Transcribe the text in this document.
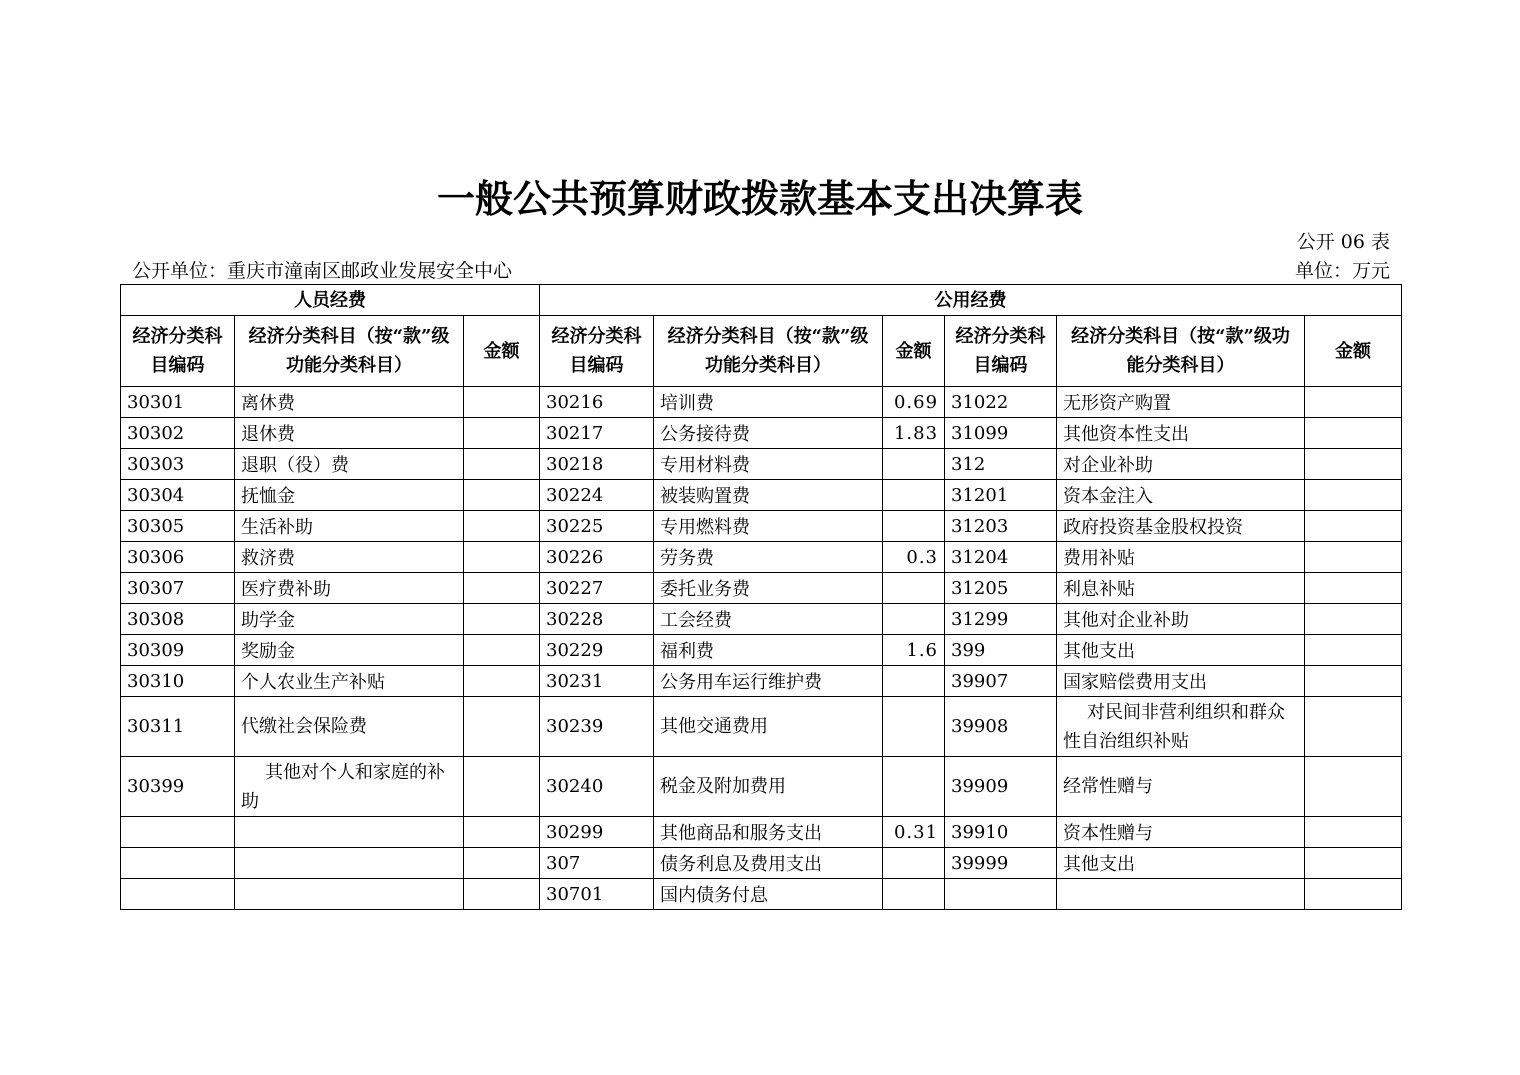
一般公共预算财政拨款基本支出决算表
公开 06 表
公开单位：重庆市潼南区邮政业发展安全中心	单位：万元
人员经费			公用经费					
经济分类科目编码	经济分类科目（按“款”级功能分类科目）	金额	经济分类科目编码	经济分类科目（按“款”级功能分类科目）	金额	经济分类科目编码	经济分类科目（按“款”级功能分类科目）	金额
30301	离休费		30216	培训费	0.69	31022	无形资产购置	
30302	退休费		30217	公务接待费	1.83	31099	其他资本性支出	
30303	退职（役）费		30218	专用材料费		312	对企业补助	
30304	抚恤金		30224	被装购置费		31201	资本金注入	
30305	生活补助		30225	专用燃料费		31203	政府投资基金股权投资	
30306	救济费		30226	劳务费	0.3	31204	费用补贴	
30307	医疗费补助		30227	委托业务费		31205	利息补贴	
30308	助学金		30228	工会经费		31299	其他对企业补助	
30309	奖励金		30229	福利费	1.6	399	其他支出	
30310	个人农业生产补贴		30231	公务用车运行维护费		39907	国家赔偿费用支出	
30311	代缴社会保险费		30239	其他交通费用		39908	对民间非营利组织和群众性自治组织补贴	
30399	其他对个人和家庭的补助		30240	税金及附加费用		39909	经常性赠与	
			30299	其他商品和服务支出	0.31	39910	资本性赠与	
			307	债务利息及费用支出		39999	其他支出	
			30701	国内债务付息				
